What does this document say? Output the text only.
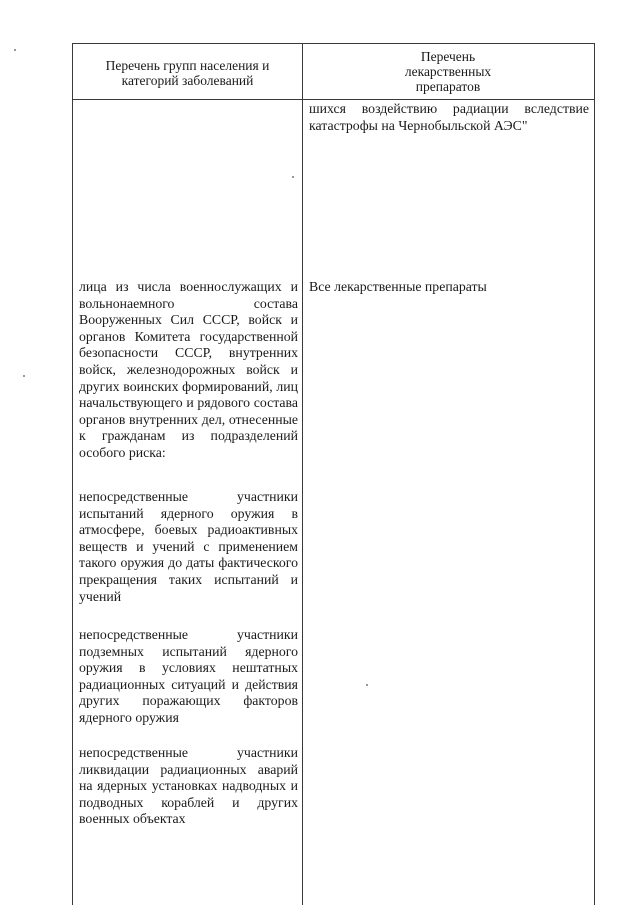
Перечень групп населения и категорий заболеваний
Перечень
лекарственных
препаратов
шихся воздействию радиации вследствие катастрофы на Чернобыльской АЭС"
лица из числа военнослужащих и вольнонаемного состава Вооруженных Сил СССР, войск и органов Комитета государственной безопасности СССР, внутренних войск, железнодорожных войск и других воинских формирований, лиц начальствующего и рядового состава органов внутренних дел, отнесенные к гражданам из подразделений особого риска:
Все лекарственные препараты
непосредственные участники испытаний ядерного оружия в атмосфере, боевых радиоактивных веществ и учений с применением такого оружия до даты фактического прекращения таких испытаний и учений
непосредственные участники подземных испытаний ядерного оружия в условиях нештатных радиационных ситуаций и действия других поражающих факторов ядерного оружия
непосредственные участники ликвидации радиационных аварий на ядерных установках надводных и подводных кораблей и других военных объектах
